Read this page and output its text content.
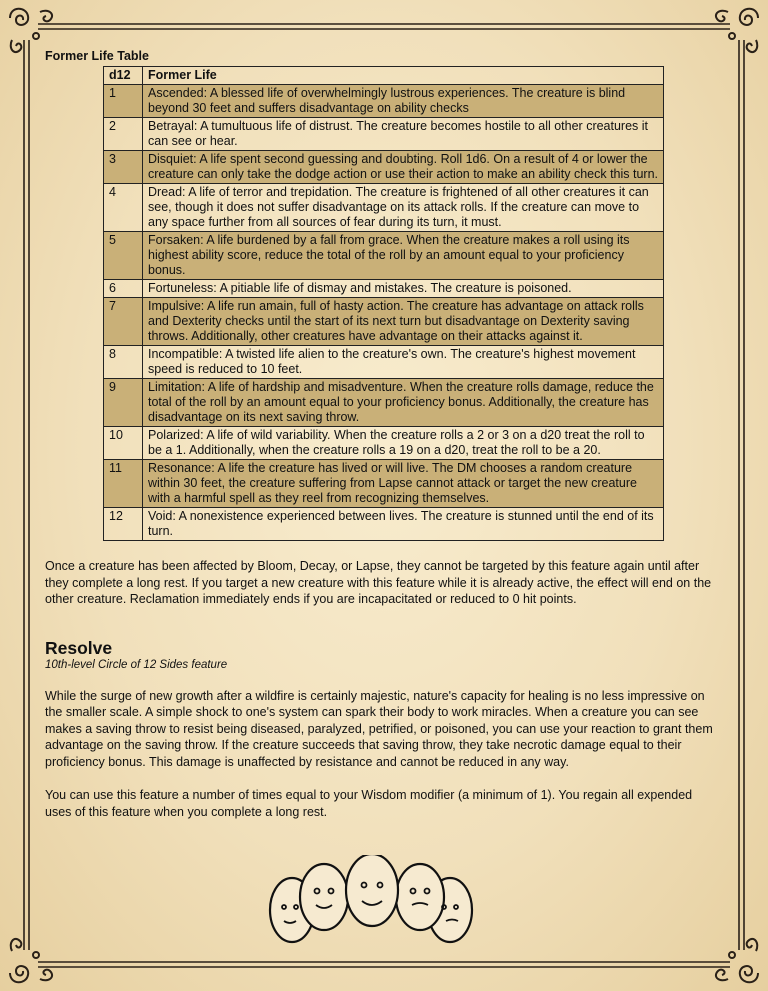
Former Life Table
d12	Former Life
1	Ascended: A blessed life of overwhelmingly lustrous experiences. The creature is blind beyond 30 feet and suffers disadvantage on ability checks
2	Betrayal: A tumultuous life of distrust. The creature becomes hostile to all other creatures it can see or hear.
3	Disquiet: A life spent second guessing and doubting. Roll 1d6. On a result of 4 or lower the creature can only take the dodge action or use their action to make an ability check this turn.
4	Dread: A life of terror and trepidation. The creature is frightened of all other creatures it can see, though it does not suffer disadvantage on its attack rolls. If the creature can move to any space further from all sources of fear during its turn, it must.
5	Forsaken: A life burdened by a fall from grace. When the creature makes a roll using its highest ability score, reduce the total of the roll by an amount equal to your proficiency bonus.
6	Fortuneless: A pitiable life of dismay and mistakes. The creature is poisoned.
7	Impulsive: A life run amain, full of hasty action. The creature has advantage on attack rolls and Dexterity checks until the start of its next turn but disadvantage on Dexterity saving throws. Additionally, other creatures have advantage on their attacks against it.
8	Incompatible: A twisted life alien to the creature's own. The creature's highest movement speed is reduced to 10 feet.
9	Limitation: A life of hardship and misadventure. When the creature rolls damage, reduce the total of the roll by an amount equal to your proficiency bonus. Additionally, the creature has disadvantage on its next saving throw.
10	Polarized: A life of wild variability. When the creature rolls a 2 or 3 on a d20 treat the roll to be a 1. Additionally, when the creature rolls a 19 on a d20, treat the roll to be a 20.
11	Resonance: A life the creature has lived or will live. The DM chooses a random creature within 30 feet, the creature suffering from Lapse cannot attack or target the new creature with a harmful spell as they reel from recognizing themselves.
12	Void: A nonexistence experienced between lives. The creature is stunned until the end of its turn.

Once a creature has been affected by Bloom, Decay, or Lapse, they cannot be targeted by this feature again until after they complete a long rest. If you target a new creature with this feature while it is already active, the effect will end on the other creature. Reclamation immediately ends if you are incapacitated or reduced to 0 hit points.

Resolve
10th-level Circle of 12 Sides feature

While the surge of new growth after a wildfire is certainly majestic, nature's capacity for healing is no less impressive on the smaller scale. A simple shock to one's system can spark their body to work miracles. When a creature you can see makes a saving throw to resist being diseased, paralyzed, petrified, or poisoned, you can use your reaction to grant them advantage on the saving throw. If the creature succeeds that saving throw, they take necrotic damage equal to their proficiency bonus. This damage is unaffected by resistance and cannot be reduced in any way.

You can use this feature a number of times equal to your Wisdom modifier (a minimum of 1). You regain all expended uses of this feature when you complete a long rest.
